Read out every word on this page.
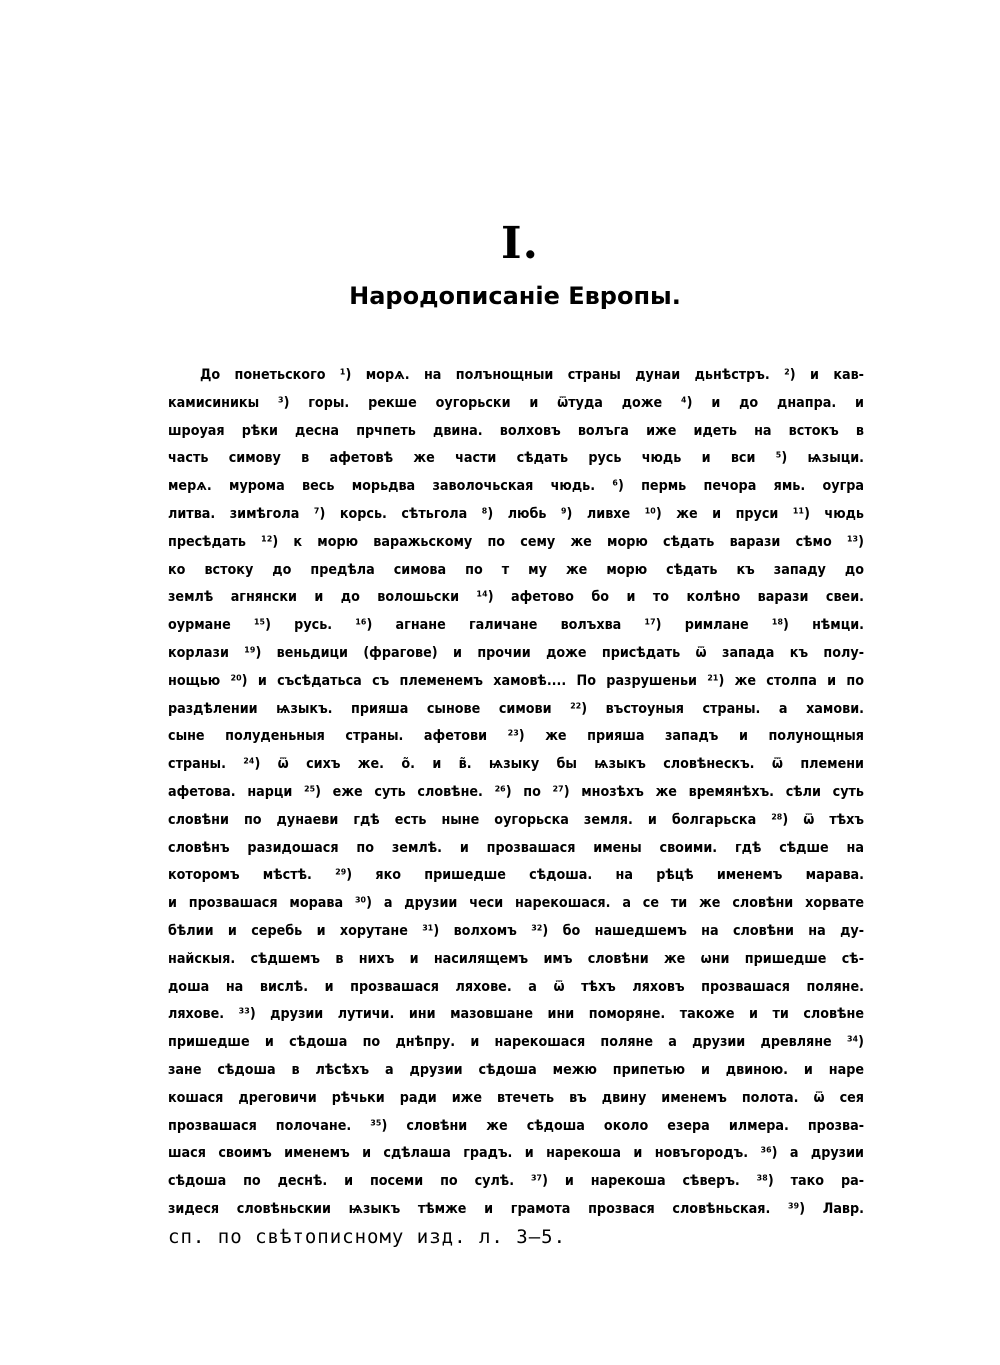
I.
Народописаніе Европы.
До понетьского ¹) морѧ. на полънощныи страны дунаи дьнѣстръ. ²) и кав-
камисиникы ³) горы. рекше оугорьски и ѿтуда доже ⁴) и до днапра. и
шроуая рѣки десна прчпеть двина. волховъ волъга иже идеть на встокъ в
часть симову в афетовѣ же части сѣдать русь чюдь и вси ⁵) ѩзыци.
мерѧ. мурома весь морьдва заволочьская чюдь. ⁶) пермь печора ямь. оугра
литва. зимѣгола ⁷) корсь. сѣтьгола ⁸) любь ⁹) ливхе ¹⁰) же и пруси ¹¹) чюдь
пресѣдать ¹²) к морю варажьскому по сему же морю сѣдать варази сѣмо ¹³)
ко встоку до предѣла симова по т му же морю сѣдать къ западу до
землѣ агнянски и до волошьски ¹⁴) афетово бо и то колѣно варази свеи.
оурмане ¹⁵) русь. ¹⁶) агнане галичане волъхва ¹⁷) римлане ¹⁸) нѣмци.
корлази ¹⁹) веньдици (фрагове) и прочии доже присѣдать ѿ запада къ полу-
нощью ²⁰) и съсѣдатьса съ племенемъ хамовѣ.... По разрушеньи ²¹) же столпа и по
раздѣлении ѩзыкъ. прияша сынове симови ²²) въстоуныя страны. а хамови.
сыне полуденьныя страны. афетови ²³) же прияша западъ и полунощныя
страны. ²⁴) ѿ сихъ же. о̃. и в̃. ѩзыку бы ѩзыкъ словѣнескъ. ѿ племени
афетова. нарци ²⁵) еже суть словѣне. ²⁶) по ²⁷) мнозѣхъ же времянѣхъ. сѣли суть
словѣни по дунаеви гдѣ есть ныне оугорьска земля. и болгарьска ²⁸) ѿ тѣхъ
словѣнъ разидошася по землѣ. и прозвашася имены своими. гдѣ сѣдше на
которомъ мѣстѣ. ²⁹) яко пришедше сѣдоша. на рѣцѣ именемъ марава.
и прозвашася морава ³⁰) а друзии чеси нарекошася. а се ти же словѣни хорвате
бѣлии и серебь и хорутане ³¹) волхомъ ³²) бо нашедшемъ на словѣни на ду-
найскыя. сѣдшемъ в нихъ и насилящемъ имъ словѣни же ѡни пришедше сѣ-
доша на вислѣ. и прозвашася ляхове. а ѿ тѣхъ ляховъ прозвашася поляне.
ляхове. ³³) друзии лутичи. ини мазовшане ини поморяне. такоже и ти словѣне
пришедше и сѣдоша по днѣпру. и нарекошася поляне а друзии древляне ³⁴)
зане сѣдоша в лѣсѣхъ а друзии сѣдоша межю припетью и двиною. и наре
кошася дреговичи рѣчьки ради иже втечеть въ двину именемъ полота. ѿ сея
прозвашася полочане. ³⁵) словѣни же сѣдоша около езера илмера. прозва-
шася своимъ именемъ и сдѣлаша градъ. и нарекоша и новъгородъ. ³⁶) а друзии
сѣдоша по деснѣ. и посеми по сулѣ. ³⁷) и нарекоша сѣверъ. ³⁸) тако ра-
зидеся словѣньскии ѩзыкъ тѣмже и грамота прозвася словѣньская. ³⁹) Лавр.
сп. по свѣтописному изд. л. 3—5.
